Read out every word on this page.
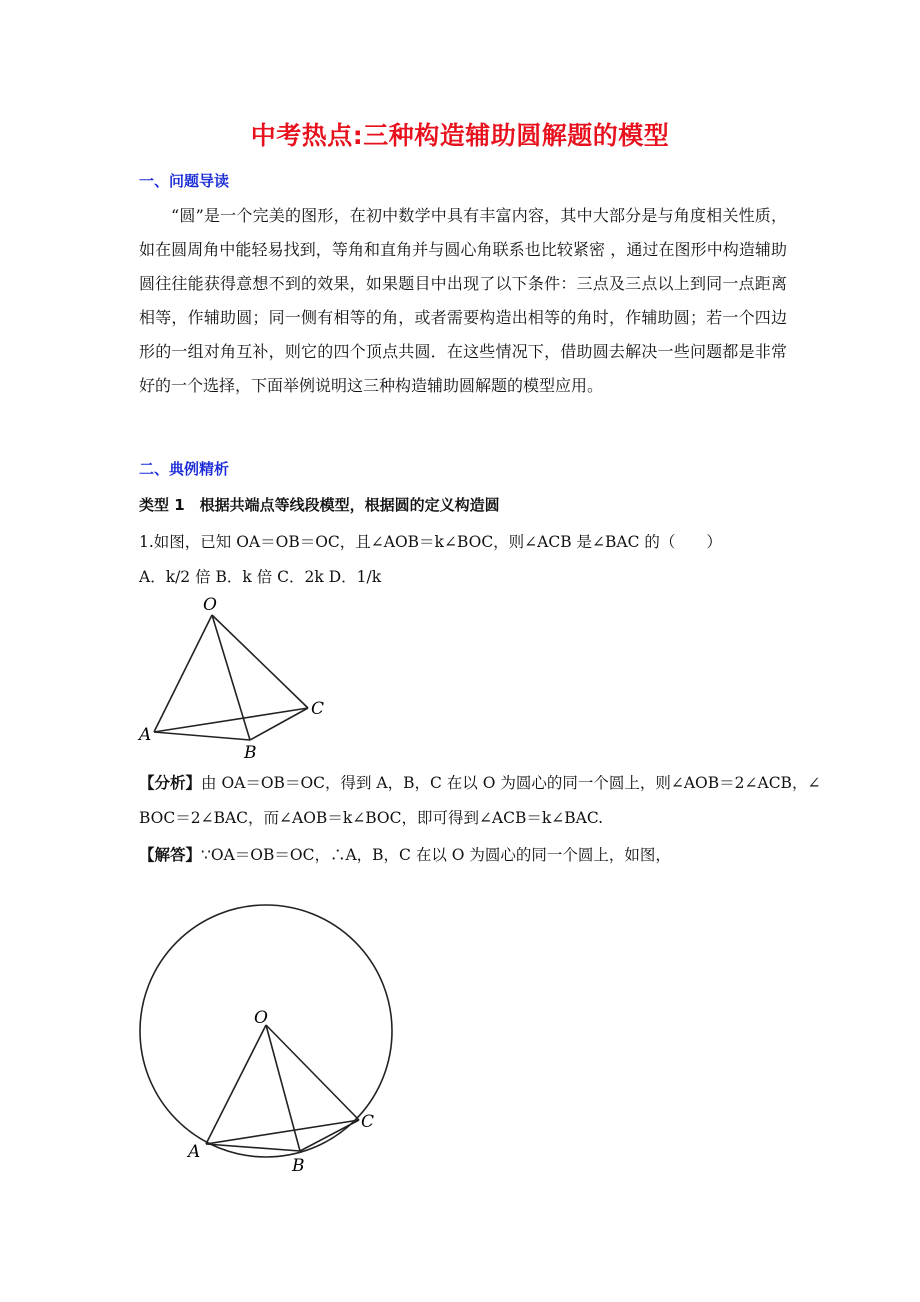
中考热点:三种构造辅助圆解题的模型
一、问题导读
“圆”是一个完美的图形，在初中数学中具有丰富内容，其中大部分是与角度相关性质，如在圆周角中能轻易找到，等角和直角并与圆心角联系也比较紧密 ，通过在图形中构造辅助圆往往能获得意想不到的效果，如果题目中出现了以下条件：三点及三点以上到同一点距离相等，作辅助圆；同一侧有相等的角，或者需要构造出相等的角时，作辅助圆；若一个四边形的一组对角互补，则它的四个顶点共圆．在这些情况下，借助圆去解决一些问题都是非常好的一个选择，下面举例说明这三种构造辅助圆解题的模型应用。
二、典例精析
类型 1　根据共端点等线段模型，根据圆的定义构造圆
1.如图，已知 OA＝OB＝OC，且∠AOB＝k∠BOC，则∠ACB 是∠BAC 的（　　）
A．k/2 倍 B．k 倍 C．2k D．1/k
O
A
B
C
【分析】由 OA＝OB＝OC，得到 A，B，C 在以 O 为圆心的同一个圆上，则∠AOB＝2∠ACB，∠
BOC＝2∠BAC，而∠AOB＝k∠BOC，即可得到∠ACB＝k∠BAC.
【解答】∵OA＝OB＝OC，∴A，B，C 在以 O 为圆心的同一个圆上，如图，
O
A
B
C
